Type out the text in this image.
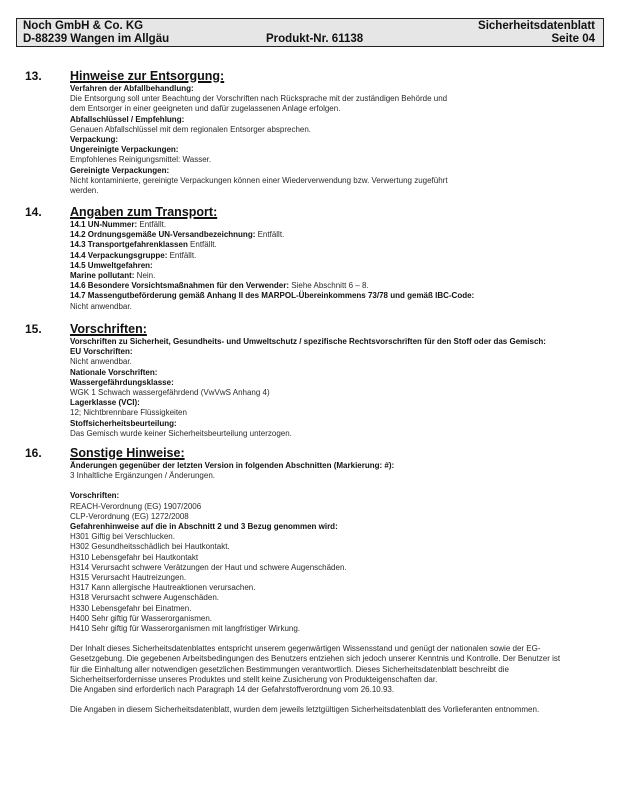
Noch GmbH & Co. KG
D-88239 Wangen im Allgäu	Produkt-Nr. 61138
Sicherheitsdatenblatt
Seite 04
13. Hinweise zur Entsorgung:
Verfahren der Abfallbehandlung:
Die Entsorgung soll unter Beachtung der Vorschriften nach Rücksprache mit der zuständigen Behörde und
dem Entsorger in einer geeigneten und dafür zugelassenen Anlage erfolgen.
Abfallschlüssel / Empfehlung:
Genauen Abfallschlüssel mit dem regionalen Entsorger absprechen.
Verpackung:
Ungereinigte Verpackungen:
Empfohlenes Reinigungsmittel: Wasser.
Gereinigte Verpackungen:
Nicht kontaminierte, gereinigte Verpackungen können einer Wiederverwendung bzw. Verwertung zugeführt
werden.
14. Angaben zum Transport:
14.1 UN-Nummer: Entfällt.
14.2 Ordnungsgemäße UN-Versandbezeichnung: Entfällt.
14.3 Transportgefahrenklassen Entfällt.
14.4 Verpackungsgruppe: Entfällt.
14.5 Umweltgefahren:
Marine pollutant: Nein.
14.6 Besondere Vorsichtsmaßnahmen für den Verwender: Siehe Abschnitt 6 – 8.
14.7 Massengutbeförderung gemäß Anhang II des MARPOL-Übereinkommens 73/78 und gemäß IBC-Code:
Nicht anwendbar.
15. Vorschriften:
Vorschriften zu Sicherheit, Gesundheits- und Umweltschutz / spezifische Rechtsvorschriften für den Stoff oder das Gemisch:
EU Vorschriften:
Nicht anwendbar.
Nationale Vorschriften:
Wassergefährdungsklasse:
WGK 1 Schwach wassergefährdend (VwVwS Anhang 4)
Lagerklasse (VCI):
12; Nichtbrennbare Flüssigkeiten
Stoffsicherheitsbeurteilung:
Das Gemisch wurde keiner Sicherheitsbeurteilung unterzogen.
16. Sonstige Hinweise:
Änderungen gegenüber der letzten Version in folgenden Abschnitten (Markierung: #):
3 Inhaltliche Ergänzungen / Änderungen.
Vorschriften:
REACH-Verordnung (EG) 1907/2006
CLP-Verordnung (EG) 1272/2008
Gefahrenhinweise auf die in Abschnitt 2 und 3 Bezug genommen wird:
H301 Giftig bei Verschlucken.
H302 Gesundheitsschädlich bei Hautkontakt.
H310 Lebensgefahr bei Hautkontakt
H314 Verursacht schwere Verätzungen der Haut und schwere Augenschäden.
H315 Verursacht Hautreizungen.
H317 Kann allergische Hautreaktionen verursachen.
H318 Verursacht schwere Augenschäden.
H330 Lebensgefahr bei Einatmen.
H400 Sehr giftig für Wasserorganismen.
H410 Sehr giftig für Wasserorganismen mit langfristiger Wirkung.
Der Inhalt dieses Sicherheitsdatenblattes entspricht unserem gegenwärtigen Wissensstand und genügt der nationalen sowie der EG-
Gesetzgebung. Die gegebenen Arbeitsbedingungen des Benutzers entziehen sich jedoch unserer Kenntnis und Kontrolle. Der Benutzer ist
für die Einhaltung aller notwendigen gesetzlichen Bestimmungen verantwortlich. Dieses Sicherheitsdatenblatt beschreibt die
Sicherheitserfordernisse unseres Produktes und stellt keine Zusicherung von Produkteigenschaften dar.
Die Angaben sind erforderlich nach Paragraph 14 der Gefahrstoffverordnung vom 26.10.93.
Die Angaben in diesem Sicherheitsdatenblatt, wurden dem jeweils letztgültigen Sicherheitsdatenblatt des Vorlieferanten entnommen.
